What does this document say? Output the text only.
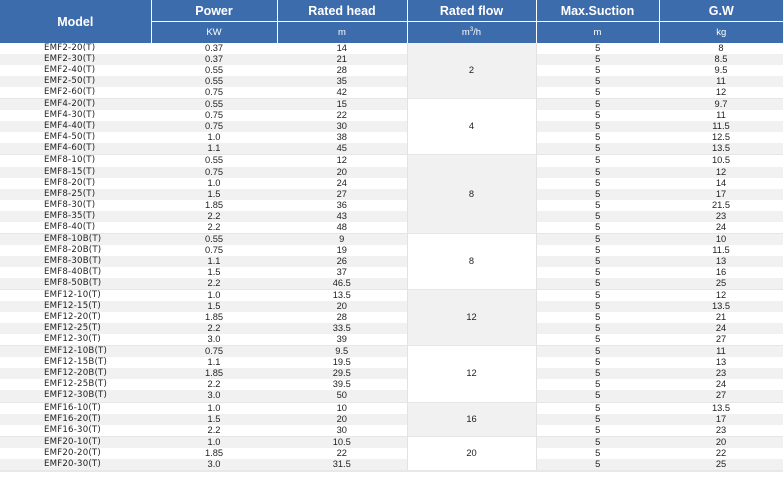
Model	Power	Rated head	Rated flow	Max.Suction	G.W
	KW	m	$m^3/h$	m	kg
EMF2-20(T)	0.37	14	2	5	8
EMF2-30(T)	0.37	21		5	8.5
EMF2-40(T)	0.55	28		5	9.5
EMF2-50(T)	0.55	35		5	11
EMF2-60(T)	0.75	42		5	12
EMF4-20(T)	0.55	15	4	5	9.7
EMF4-30(T)	0.75	22		5	11
EMF4-40(T)	0.75	30		5	11.5
EMF4-50(T)	1.0	38		5	12.5
EMF4-60(T)	1.1	45		5	13.5
EMF8-10(T)	0.55	12	8	5	10.5
EMF8-15(T)	0.75	20		5	12
EMF8-20(T)	1.0	24		5	14
EMF8-25(T)	1.5	27		5	17
EMF8-30(T)	1.85	36		5	21.5
EMF8-35(T)	2.2	43		5	23
EMF8-40(T)	2.2	48		5	24
EMF8-10B(T)	0.55	9	8	5	10
EMF8-20B(T)	0.75	19		5	11.5
EMF8-30B(T)	1.1	26		5	13
EMF8-40B(T)	1.5	37		5	16
EMF8-50B(T)	2.2	46.5		5	25
EMF12-10(T)	1.0	13.5	12	5	12
EMF12-15(T)	1.5	20		5	13.5
EMF12-20(T)	1.85	28		5	21
EMF12-25(T)	2.2	33.5		5	24
EMF12-30(T)	3.0	39		5	27
EMF12-10B(T)	0.75	9.5	12	5	11
EMF12-15B(T)	1.1	19.5		5	13
EMF12-20B(T)	1.85	29.5		5	23
EMF12-25B(T)	2.2	39.5		5	24
EMF12-30B(T)	3.0	50		5	27
EMF16-10(T)	1.0	10	16	5	13.5
EMF16-20(T)	1.5	20		5	17
EMF16-30(T)	2.2	30		5	23
EMF20-10(T)	1.0	10.5	20	5	20
EMF20-20(T)	1.85	22		5	22
EMF20-30(T)	3.0	31.5		5	25
